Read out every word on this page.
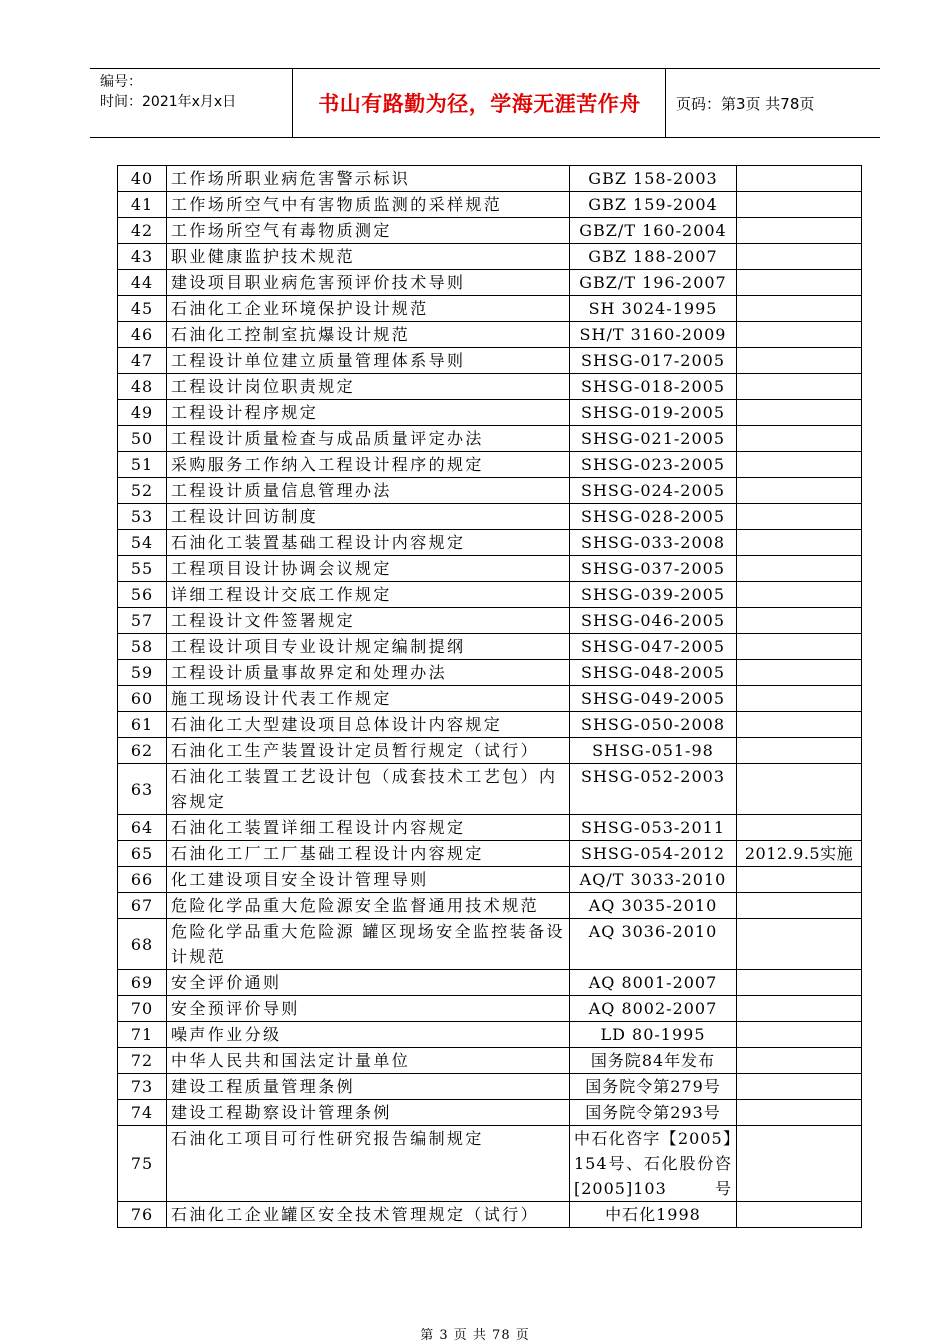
编号：
时间：2021年x月x日	书山有路勤为径，学海无涯苦作舟	页码：第3页 共78页
40	工作场所职业病危害警示标识	GBZ 158-2003	
41	工作场所空气中有害物质监测的采样规范	GBZ 159-2004	
42	工作场所空气有毒物质测定	GBZ/T 160-2004	
43	职业健康监护技术规范	GBZ 188-2007	
44	建设项目职业病危害预评价技术导则	GBZ/T 196-2007	
45	石油化工企业环境保护设计规范	SH 3024-1995	
46	石油化工控制室抗爆设计规范	SH/T 3160-2009	
47	工程设计单位建立质量管理体系导则	SHSG-017-2005	
48	工程设计岗位职责规定	SHSG-018-2005	
49	工程设计程序规定	SHSG-019-2005	
50	工程设计质量检查与成品质量评定办法	SHSG-021-2005	
51	采购服务工作纳入工程设计程序的规定	SHSG-023-2005	
52	工程设计质量信息管理办法	SHSG-024-2005	
53	工程设计回访制度	SHSG-028-2005	
54	石油化工装置基础工程设计内容规定	SHSG-033-2008	
55	工程项目设计协调会议规定	SHSG-037-2005	
56	详细工程设计交底工作规定	SHSG-039-2005	
57	工程设计文件签署规定	SHSG-046-2005	
58	工程设计项目专业设计规定编制提纲	SHSG-047-2005	
59	工程设计质量事故界定和处理办法	SHSG-048-2005	
60	施工现场设计代表工作规定	SHSG-049-2005	
61	石油化工大型建设项目总体设计内容规定	SHSG-050-2008	
62	石油化工生产装置设计定员暂行规定（试行）	SHSG-051-98	
63	石油化工装置工艺设计包（成套技术工艺包）内容规定	SHSG-052-2003	
64	石油化工装置详细工程设计内容规定	SHSG-053-2011	
65	石油化工厂工厂基础工程设计内容规定	SHSG-054-2012	2012.9.5实施
66	化工建设项目安全设计管理导则	AQ/T 3033-2010	
67	危险化学品重大危险源安全监督通用技术规范	AQ 3035-2010	
68	危险化学品重大危险源 罐区现场安全监控装备设计规范	AQ 3036-2010	
69	安全评价通则	AQ 8001-2007	
70	安全预评价导则	AQ 8002-2007	
71	噪声作业分级	LD 80-1995	
72	中华人民共和国法定计量单位	国务院84年发布	
73	建设工程质量管理条例	国务院令第279号	
74	建设工程勘察设计管理条例	国务院令第293号	
75	石油化工项目可行性研究报告编制规定	中石化咨字【2005】154号、石化股份咨[2005]103号	
76	石油化工企业罐区安全技术管理规定（试行）	中石化1998	
第 3 页 共 78 页
